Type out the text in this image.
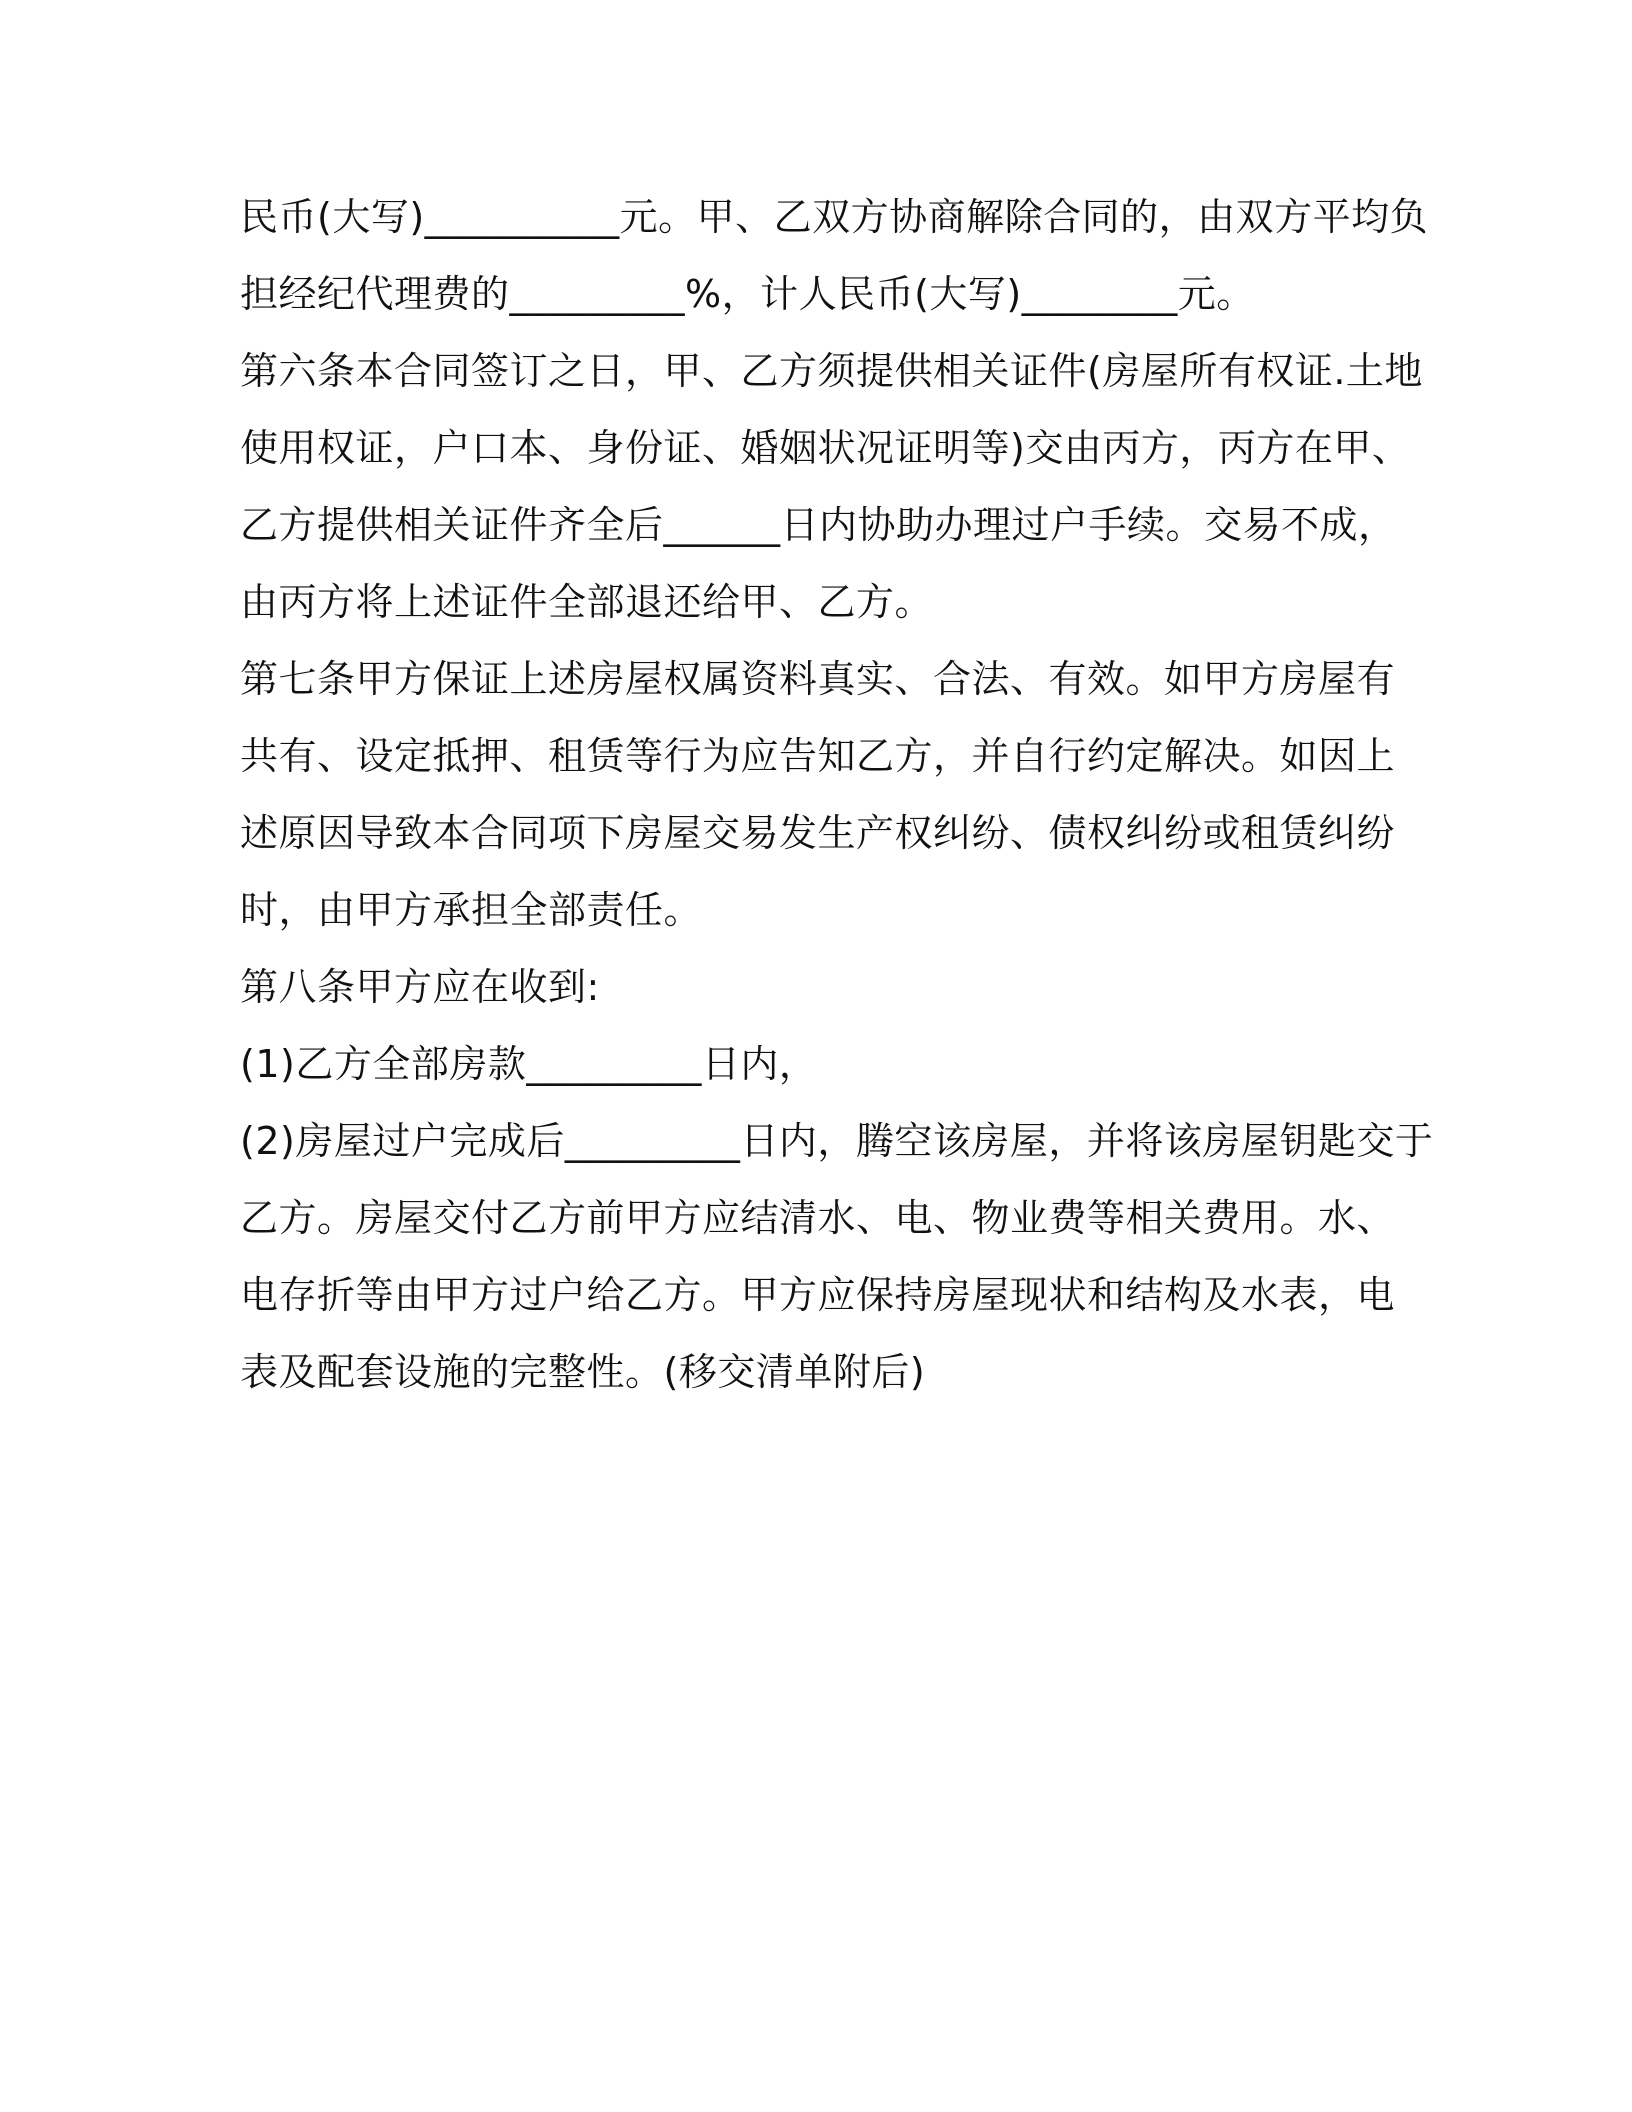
民币(大写)__________元。甲、乙双方协商解除合同的，由双方平均负
担经纪代理费的_________%，计人民币(大写)________元。
第六条本合同签订之日，甲、乙方须提供相关证件(房屋所有权证.土地
使用权证，户口本、身份证、婚姻状况证明等)交由丙方，丙方在甲、
乙方提供相关证件齐全后______日内协助办理过户手续。交易不成，
由丙方将上述证件全部退还给甲、乙方。
第七条甲方保证上述房屋权属资料真实、合法、有效。如甲方房屋有
共有、设定抵押、租赁等行为应告知乙方，并自行约定解决。如因上
述原因导致本合同项下房屋交易发生产权纠纷、债权纠纷或租赁纠纷
时，由甲方承担全部责任。
第八条甲方应在收到:
(1)乙方全部房款_________日内，
(2)房屋过户完成后_________日内，腾空该房屋，并将该房屋钥匙交于
乙方。房屋交付乙方前甲方应结清水、电、物业费等相关费用。水、
电存折等由甲方过户给乙方。甲方应保持房屋现状和结构及水表，电
表及配套设施的完整性。(移交清单附后)
